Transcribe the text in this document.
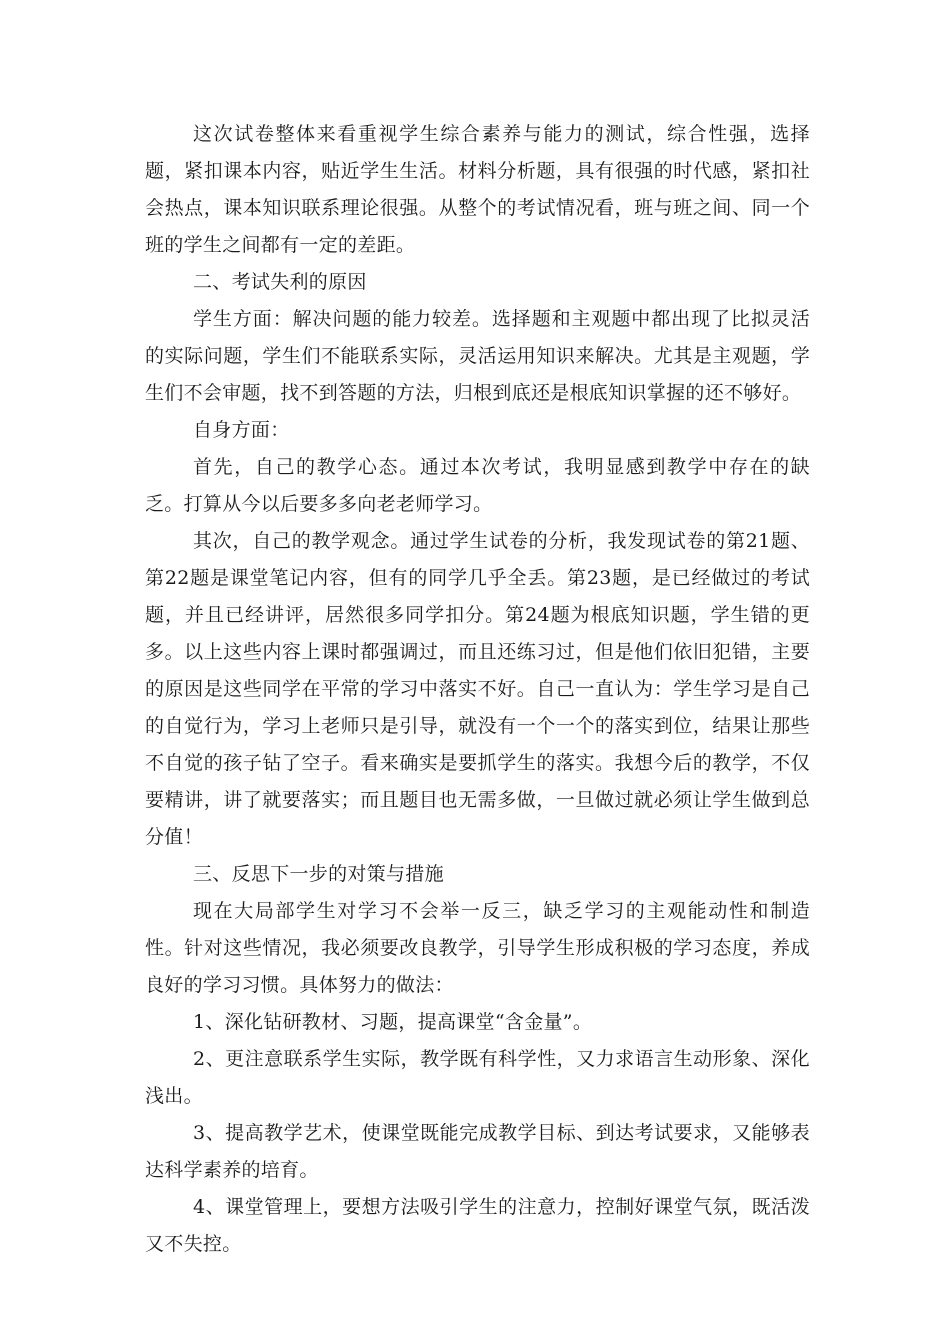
这次试卷整体来看重视学生综合素养与能力的测试，综合性强，选择题，紧扣课本内容，贴近学生生活。材料分析题，具有很强的时代感，紧扣社会热点，课本知识联系理论很强。从整个的考试情况看，班与班之间、同一个班的学生之间都有一定的差距。

二、考试失利的原因

学生方面：解决问题的能力较差。选择题和主观题中都出现了比拟灵活的实际问题，学生们不能联系实际，灵活运用知识来解决。尤其是主观题，学生们不会审题，找不到答题的方法，归根到底还是根底知识掌握的还不够好。

自身方面：

首先，自己的教学心态。通过本次考试，我明显感到教学中存在的缺乏。打算从今以后要多多向老老师学习。

其次，自己的教学观念。通过学生试卷的分析，我发现试卷的第21题、第22题是课堂笔记内容，但有的同学几乎全丢。第23题，是已经做过的考试题，并且已经讲评，居然很多同学扣分。第24题为根底知识题，学生错的更多。以上这些内容上课时都强调过，而且还练习过，但是他们依旧犯错，主要的原因是这些同学在平常的学习中落实不好。自己一直认为：学生学习是自己的自觉行为，学习上老师只是引导，就没有一个一个的落实到位，结果让那些不自觉的孩子钻了空子。看来确实是要抓学生的落实。我想今后的教学，不仅要精讲，讲了就要落实；而且题目也无需多做，一旦做过就必须让学生做到总分值！

三、反思下一步的对策与措施

现在大局部学生对学习不会举一反三，缺乏学习的主观能动性和制造性。针对这些情况，我必须要改良教学，引导学生形成积极的学习态度，养成良好的学习习惯。具体努力的做法：

1、深化钻研教材、习题，提高课堂“含金量”。

2、更注意联系学生实际，教学既有科学性，又力求语言生动形象、深化浅出。

3、提高教学艺术，使课堂既能完成教学目标、到达考试要求，又能够表达科学素养的培育。

4、课堂管理上，要想方法吸引学生的注意力，控制好课堂气氛，既活泼又不失控。
